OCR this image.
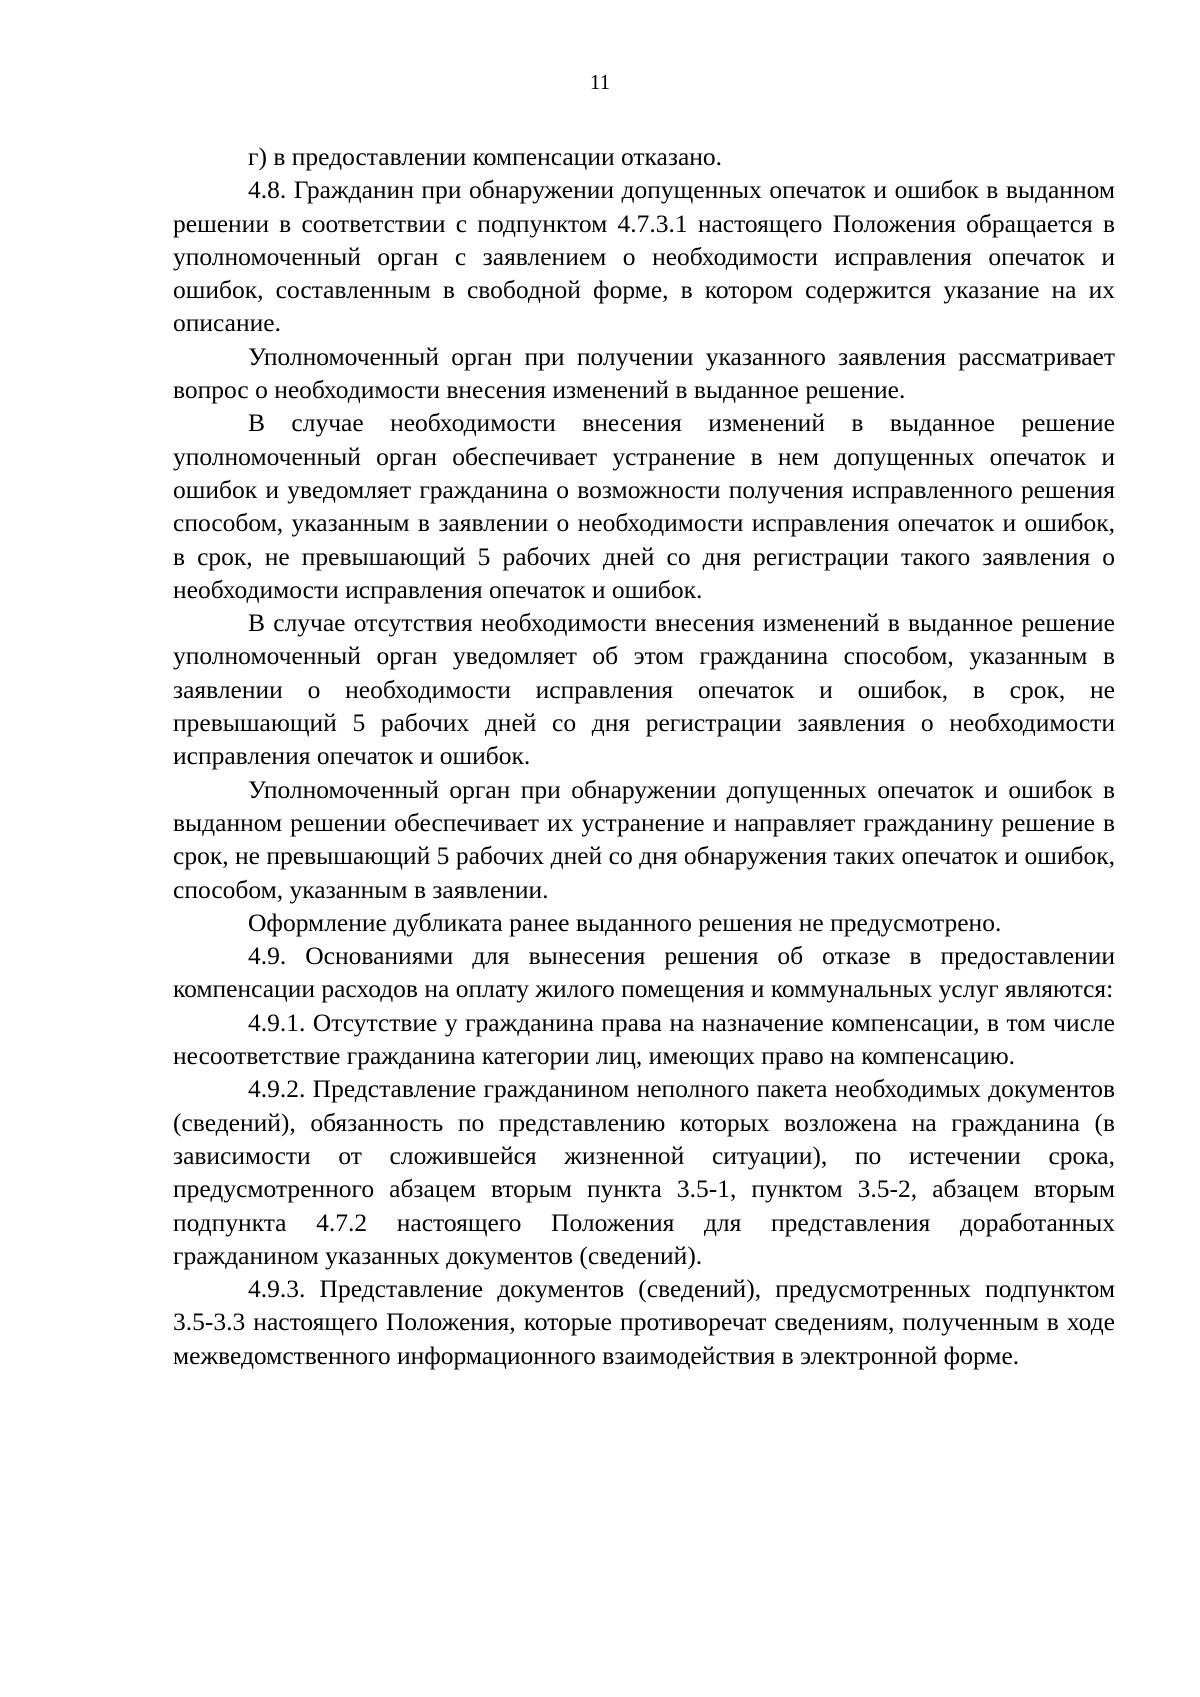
11

г) в предоставлении компенсации отказано.

4.8. Гражданин при обнаружении допущенных опечаток и ошибок в выданном решении в соответствии с подпунктом 4.7.3.1 настоящего Положения обращается в уполномоченный орган с заявлением о необходимости исправления опечаток и ошибок, составленным в свободной форме, в котором содержится указание на их описание.

Уполномоченный орган при получении указанного заявления рассматривает вопрос о необходимости внесения изменений в выданное решение.

В случае необходимости внесения изменений в выданное решение уполномоченный орган обеспечивает устранение в нем допущенных опечаток и ошибок и уведомляет гражданина о возможности получения исправленного решения способом, указанным в заявлении о необходимости исправления опечаток и ошибок, в срок, не превышающий 5 рабочих дней со дня регистрации такого заявления о необходимости исправления опечаток и ошибок.

В случае отсутствия необходимости внесения изменений в выданное решение уполномоченный орган уведомляет об этом гражданина способом, указанным в заявлении о необходимости исправления опечаток и ошибок, в срок, не превышающий 5 рабочих дней со дня регистрации заявления о необходимости исправления опечаток и ошибок.

Уполномоченный орган при обнаружении допущенных опечаток и ошибок в выданном решении обеспечивает их устранение и направляет гражданину решение в срок, не превышающий 5 рабочих дней со дня обнаружения таких опечаток и ошибок, способом, указанным в заявлении.

Оформление дубликата ранее выданного решения не предусмотрено.

4.9. Основаниями для вынесения решения об отказе в предоставлении компенсации расходов на оплату жилого помещения и коммунальных услуг являются:

4.9.1. Отсутствие у гражданина права на назначение компенсации, в том числе несоответствие гражданина категории лиц, имеющих право на компенсацию.

4.9.2. Представление гражданином неполного пакета необходимых документов (сведений), обязанность по представлению которых возложена на гражданина (в зависимости от сложившейся жизненной ситуации), по истечении срока, предусмотренного абзацем вторым пункта 3.5-1, пунктом 3.5-2, абзацем вторым подпункта 4.7.2 настоящего Положения для представления доработанных гражданином указанных документов (сведений).

4.9.3. Представление документов (сведений), предусмотренных подпунктом 3.5-3.3 настоящего Положения, которые противоречат сведениям, полученным в ходе межведомственного информационного взаимодействия в электронной форме.
